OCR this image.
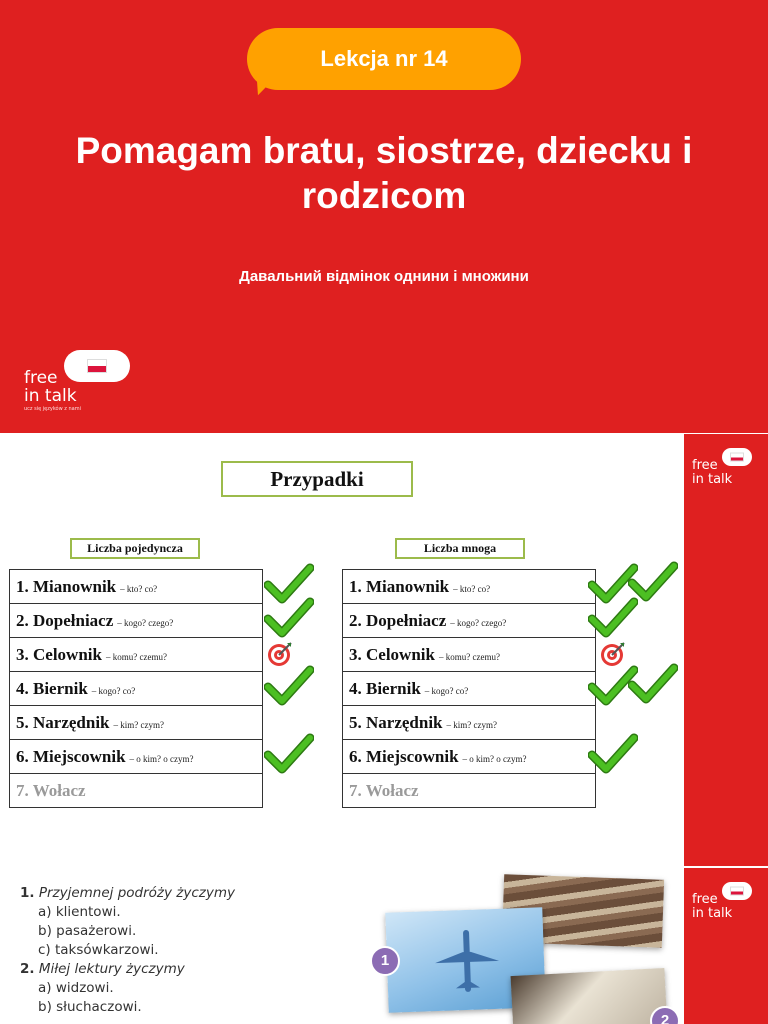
Lekcja nr 14
Pomagam bratu, siostrze, dziecku i rodzicom
Давальний відмінок однини і множини
free
in talk
ucz się języków z nami
free
in talk
free
in talk
Przypadki
Liczba pojedyncza	Liczba mnoga
1. Mianownik – kto? co?
2. Dopełniacz – kogo? czego?
3. Celownik – komu? czemu?
4. Biernik – kogo? co?
5. Narzędnik – kim? czym?
6. Miejscownik – o kim? o czym?
7. Wołacz
1. Mianownik – kto? co?
2. Dopełniacz – kogo? czego?
3. Celownik – komu? czemu?
4. Biernik – kogo? co?
5. Narzędnik – kim? czym?
6. Miejscownik – o kim? o czym?
7. Wołacz
1. Przyjemnej podróży życzymy
a) klientowi.
b) pasażerowi.
c) taksówkarzowi.
2. Miłej lektury życzymy
a) widzowi.
b) słuchaczowi.
1
2
